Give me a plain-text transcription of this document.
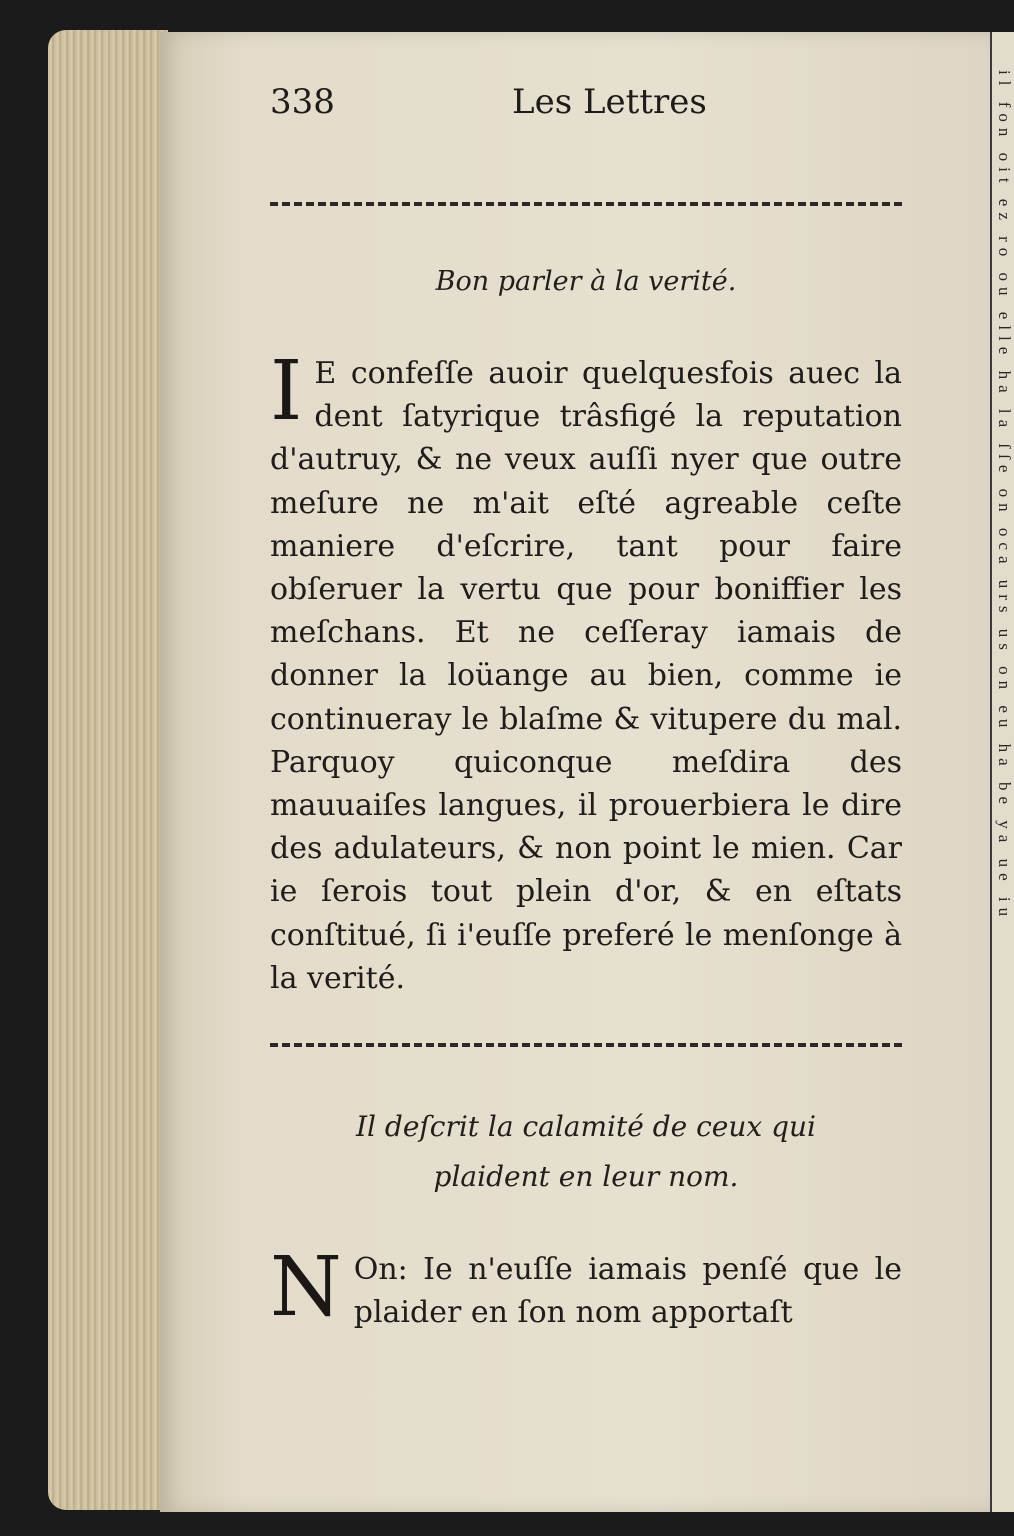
il fon oit ez ro ou elle ha la ſſe on oca urs us on eu ha be ya ue iu

338	Les Lettres
Bon parler à la verité.

I E confeſſe auoir quelquesfois auec la dent ſatyrique trâsfigé la reputation d'autruy, & ne veux auſſi nyer que outre meſure ne m'ait eſté agreable ceſte maniere d'eſcrire, tant pour faire obſeruer la vertu que pour boniffier les meſchans. Et ne ceſſeray iamais de donner la loüange au bien, comme ie continueray le blaſme & vitupere du mal. Parquoy quiconque meſdira des mauuaiſes langues, il prouerbiera le dire des adulateurs, & non point le mien. Car ie ſerois tout plein d'or, & en eſtats conſtitué, ſi i'euſſe preferé le menſonge à la verité.

Il deſcrit la calamité de ceux qui
plaident en leur nom.

N On: Ie n'euſſe iamais penſé que le plaider en ſon nom apportaſt
